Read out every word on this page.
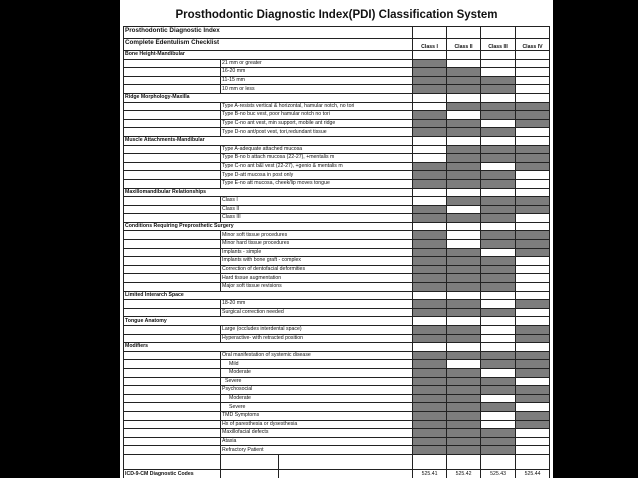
Prosthodontic Diagnostic Index(PDI) Classification System
Prosthodontic Diagnostic Index						
Complete Edentulism Checklist			Class I	Class II	Class III	Class IV
Bone Height-Mandibular						
	21 mm or greater					
	16-20 mm					
	11-15 mm					
	10 mm or less					
Ridge Morphology-Maxilla						
	Type A-resists vertical & horizontal, hamular notch, no tori					
	Type B-no buc vest, poor hamular notch no tori					
	Type C-no ant vest, min support, mobile ant ridge					
	Type D-no ant/post vest, tori,redundant tissue					
Muscle Attachments-Mandibular						
	Type A-adequate attached mucosa					
	Type B-no b attach mucosa (22-27), +mentalis m					
	Type C-no ant b&l vest (22-27), +genio & mentalis m					
	Type D-att mucosa in post only					
	Type E-no att mucosa, cheek/lip moves tongue					
Maxillomandibular Relationships						
	Class I					
	Class II					
	Class III					
Conditions Requiring Preprosthetic Surgery						
	Minor soft tissue procedures					
	Minor hard tissue procedures					
	Implants - simple					
	Implants with bone graft - complex					
	Correction of dentofacial deformities					
	Hard tissue augmentation					
	Major soft tissue revisions					
Limited Interarch Space						
	18-20 mm					
	Surgical correction needed					
Tongue Anatomy						
	Large (occludes interdental space)					
	Hyperactive- with retracted position					
Modifiers						
	Oral manifestation of systemic disease					
	Mild					
	Moderate					
	Severe					
	Psychosocial					
	Moderate					
	Severe					
	TMD Symptoms					
	Hx of paresthesia or dysesthesia					
	Maxillofacial defects					
	Ataxia					
	Refractory Patient					

ICD-9-CM Diagnostic Codes			525.41	525.42	525.43	525.44
